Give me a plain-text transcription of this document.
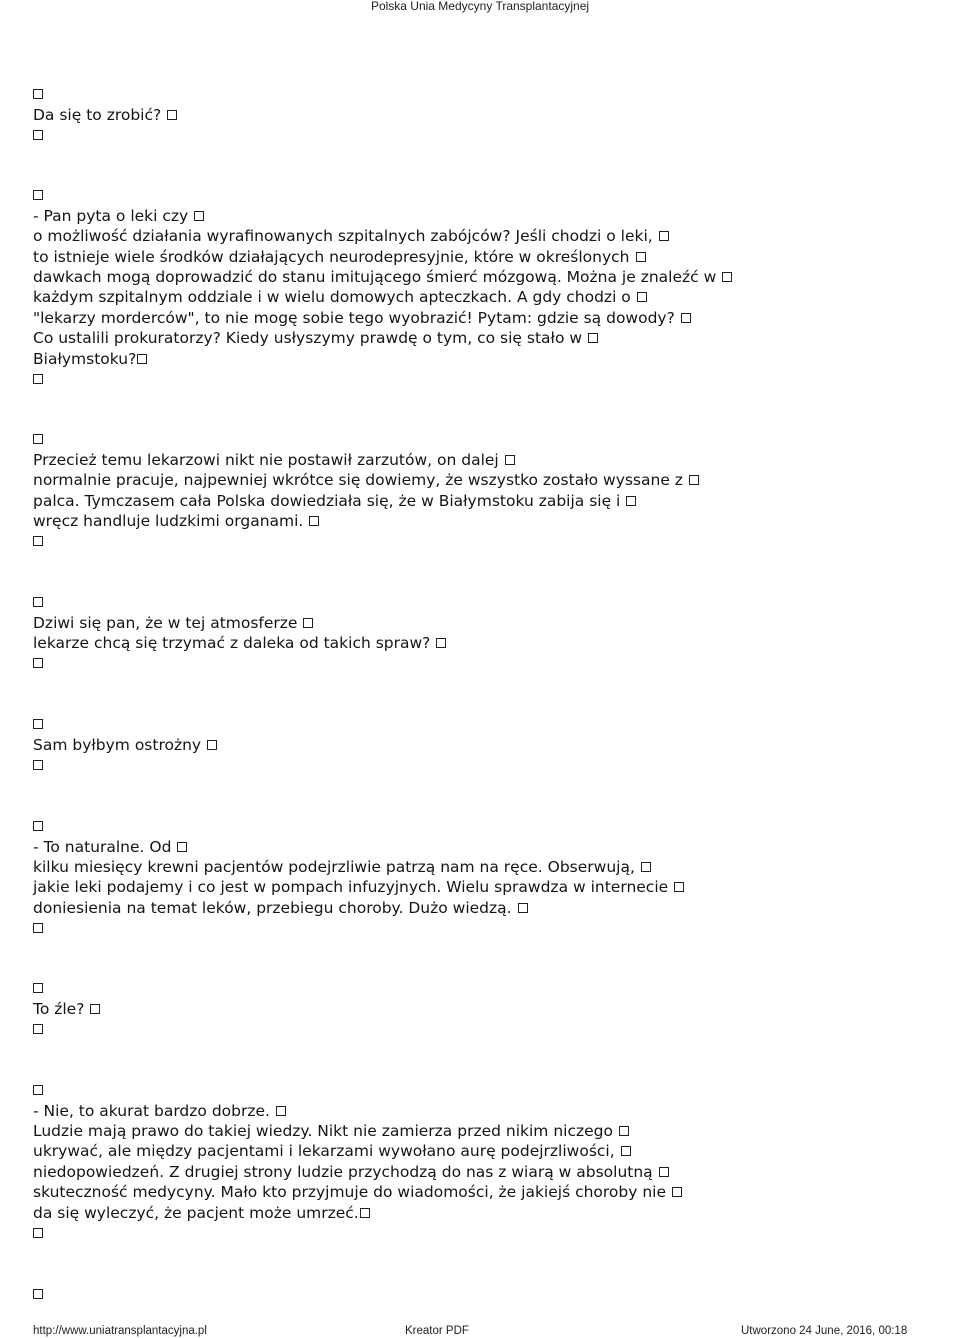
Polska Unia Medycyny Transplantacyjnej
Da się to zrobić?
- Pan pyta o leki czy
o możliwość działania wyrafinowanych szpitalnych zabójców? Jeśli chodzi o leki,
to istnieje wiele środków działających neurodepresyjnie, które w określonych
dawkach mogą doprowadzić do stanu imitującego śmierć mózgową. Można je znaleźć w
każdym szpitalnym oddziale i w wielu domowych apteczkach. A gdy chodzi o
"lekarzy morderców", to nie mogę sobie tego wyobrazić! Pytam: gdzie są dowody?
Co ustalili prokuratorzy? Kiedy usłyszymy prawdę o tym, co się stało w
Białymstoku?
Przecież temu lekarzowi nikt nie postawił zarzutów, on dalej
normalnie pracuje, najpewniej wkrótce się dowiemy, że wszystko zostało wyssane z
palca. Tymczasem cała Polska dowiedziała się, że w Białymstoku zabija się i
wręcz handluje ludzkimi organami.
Dziwi się pan, że w tej atmosferze
lekarze chcą się trzymać z daleka od takich spraw?
Sam byłbym ostrożny
- To naturalne. Od
kilku miesięcy krewni pacjentów podejrzliwie patrzą nam na ręce. Obserwują,
jakie leki podajemy i co jest w pompach infuzyjnych. Wielu sprawdza w internecie
doniesienia na temat leków, przebiegu choroby. Dużo wiedzą.
To źle?
- Nie, to akurat bardzo dobrze.
Ludzie mają prawo do takiej wiedzy. Nikt nie zamierza przed nikim niczego
ukrywać, ale między pacjentami i lekarzami wywołano aurę podejrzliwości,
niedopowiedzeń. Z drugiej strony ludzie przychodzą do nas z wiarą w absolutną
skuteczność medycyny. Mało kto przyjmuje do wiadomości, że jakiejś choroby nie
da się wyleczyć, że pacjent może umrzeć.
http://www.uniatransplantacyjna.pl	Kreator PDF	Utworzono 24 June, 2016, 00:18
